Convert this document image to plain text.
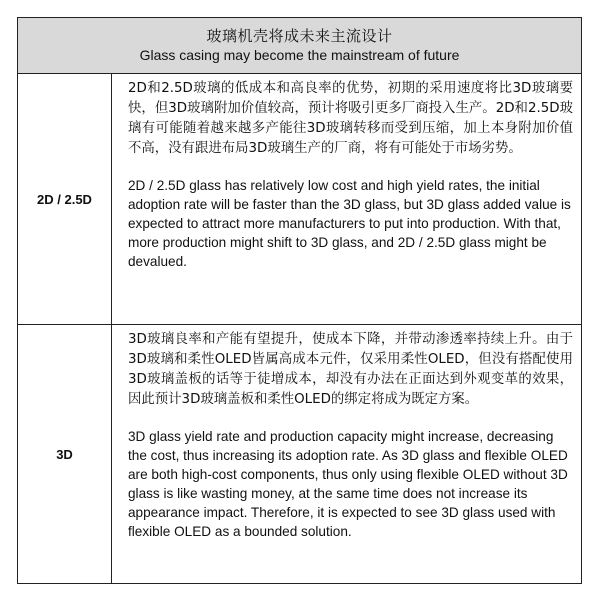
玻璃机壳将成未来主流设计
Glass casing may become the mainstream of future
2D / 2.5D

2D和2.5D玻璃的低成本和高良率的优势，初期的采用速度将比3D玻璃要快，但3D玻璃附加价值较高，预计将吸引更多厂商投入生产。2D和2.5D玻璃有可能随着越来越多产能往3D玻璃转移而受到压缩，加上本身附加价值不高，没有跟进布局3D玻璃生产的厂商，将有可能处于市场劣势。

2D / 2.5D glass has relatively low cost and high yield rates, the initial adoption rate will be faster than the 3D glass, but 3D glass added value is expected to attract more manufacturers to put into production. With that, more production might shift to 3D glass, and 2D / 2.5D glass might be devalued.

3D

3D玻璃良率和产能有望提升，使成本下降，并带动渗透率持续上升。由于3D玻璃和柔性OLED皆属高成本元件，仅采用柔性OLED，但没有搭配使用3D玻璃盖板的话等于徒增成本，却没有办法在正面达到外观变革的效果，因此预计3D玻璃盖板和柔性OLED的绑定将成为既定方案。

3D glass yield rate and production capacity might increase, decreasing the cost, thus increasing its adoption rate. As 3D glass and flexible OLED are both high-cost components, thus only using flexible OLED without 3D glass is like wasting money, at the same time does not increase its appearance impact. Therefore, it is expected to see 3D glass used with flexible OLED as a bounded solution.
